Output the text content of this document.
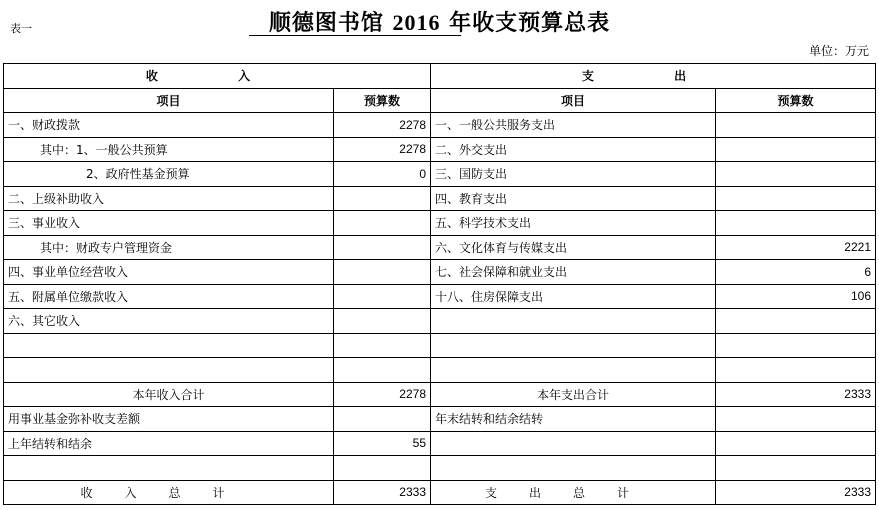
表一	顺德图书馆 2016 年收支预算总表
单位：万元
收 入		支 出	
项目	预算数	项目	预算数
一、财政拨款	2278	一、一般公共服务支出	
其中：1、一般公共预算	2278	二、外交支出	
2、政府性基金预算	0	三、国防支出	
二、上级补助收入		四、教育支出	
三、事业收入		五、科学技术支出	
其中：财政专户管理资金		六、文化体育与传媒支出	2221
四、事业单位经营收入		七、社会保障和就业支出	6
五、附属单位缴款收入		十八、住房保障支出	106
六、其它收入			

本年收入合计	2278	本年支出合计	2333
用事业基金弥补收支差额		年末结转和结余结转	
上年结转和结余	55		

收入总计	2333	支出总计	2333
